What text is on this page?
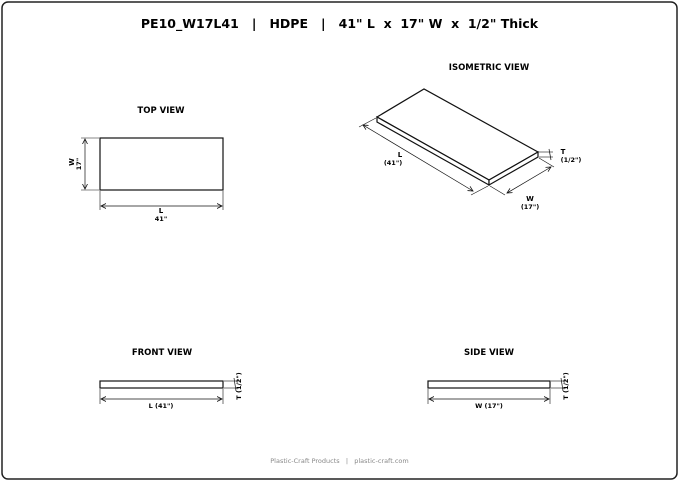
PE10_W17L41   |   HDPE   |   41" L  x  17" W  x  1/2" Thick
TOP VIEW
W 17"
L
41"
ISOMETRIC VIEW
L
(41")
W
(17")
T
(1/2")
FRONT VIEW
L (41")
T (1/2")
SIDE VIEW
W (17")
T (1/2")
Plastic-Craft Products   |   plastic-craft.com
